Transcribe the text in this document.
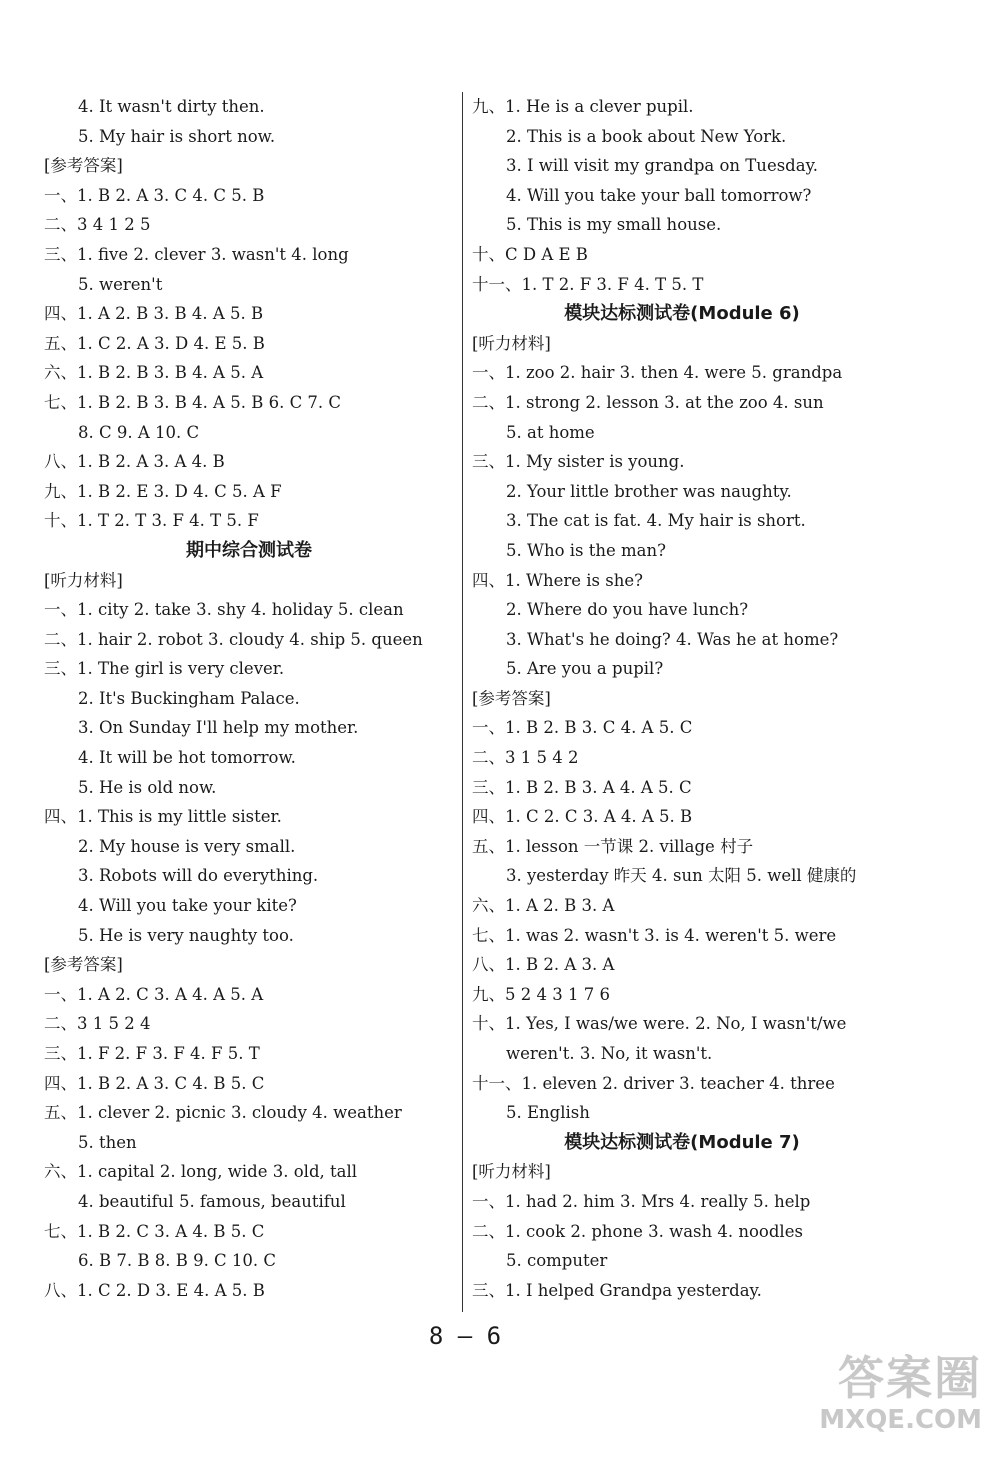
4. It wasn't dirty then.
5. My hair is short now.
[参考答案]
一、1. B 2. A 3. C 4. C 5. B
二、3 4 1 2 5
三、1. five 2. clever 3. wasn't 4. long
5. weren't
四、1. A 2. B 3. B 4. A 5. B
五、1. C 2. A 3. D 4. E 5. B
六、1. B 2. B 3. B 4. A 5. A
七、1. B 2. B 3. B 4. A 5. B 6. C 7. C
8. C 9. A 10. C
八、1. B 2. A 3. A 4. B
九、1. B 2. E 3. D 4. C 5. A F
十、1. T 2. T 3. F 4. T 5. F
期中综合测试卷
[听力材料]
一、1. city 2. take 3. shy 4. holiday 5. clean
二、1. hair 2. robot 3. cloudy 4. ship 5. queen
三、1. The girl is very clever.
2. It's Buckingham Palace.
3. On Sunday I'll help my mother.
4. It will be hot tomorrow.
5. He is old now.
四、1. This is my little sister.
2. My house is very small.
3. Robots will do everything.
4. Will you take your kite?
5. He is very naughty too.
[参考答案]
一、1. A 2. C 3. A 4. A 5. A
二、3 1 5 2 4
三、1. F 2. F 3. F 4. F 5. T
四、1. B 2. A 3. C 4. B 5. C
五、1. clever 2. picnic 3. cloudy 4. weather
5. then
六、1. capital 2. long, wide 3. old, tall
4. beautiful 5. famous, beautiful
七、1. B 2. C 3. A 4. B 5. C
6. B 7. B 8. B 9. C 10. C
八、1. C 2. D 3. E 4. A 5. B
九、1. He is a clever pupil.
2. This is a book about New York.
3. I will visit my grandpa on Tuesday.
4. Will you take your ball tomorrow?
5. This is my small house.
十、C D A E B
十一、1. T 2. F 3. F 4. T 5. T
模块达标测试卷(Module 6)
[听力材料]
一、1. zoo 2. hair 3. then 4. were 5. grandpa
二、1. strong 2. lesson 3. at the zoo 4. sun
5. at home
三、1. My sister is young.
2. Your little brother was naughty.
3. The cat is fat. 4. My hair is short.
5. Who is the man?
四、1. Where is she?
2. Where do you have lunch?
3. What's he doing? 4. Was he at home?
5. Are you a pupil?
[参考答案]
一、1. B 2. B 3. C 4. A 5. C
二、3 1 5 4 2
三、1. B 2. B 3. A 4. A 5. C
四、1. C 2. C 3. A 4. A 5. B
五、1. lesson 一节课 2. village 村子
3. yesterday 昨天 4. sun 太阳 5. well 健康的
六、1. A 2. B 3. A
七、1. was 2. wasn't 3. is 4. weren't 5. were
八、1. B 2. A 3. A
九、5 2 4 3 1 7 6
十、1. Yes, I was/we were. 2. No, I wasn't/we
weren't. 3. No, it wasn't.
十一、1. eleven 2. driver 3. teacher 4. three
5. English
模块达标测试卷(Module 7)
[听力材料]
一、1. had 2. him 3. Mrs 4. really 5. help
二、1. cook 2. phone 3. wash 4. noodles
5. computer
三、1. I helped Grandpa yesterday.
8 — 6
答案圈
MXQE.COM
